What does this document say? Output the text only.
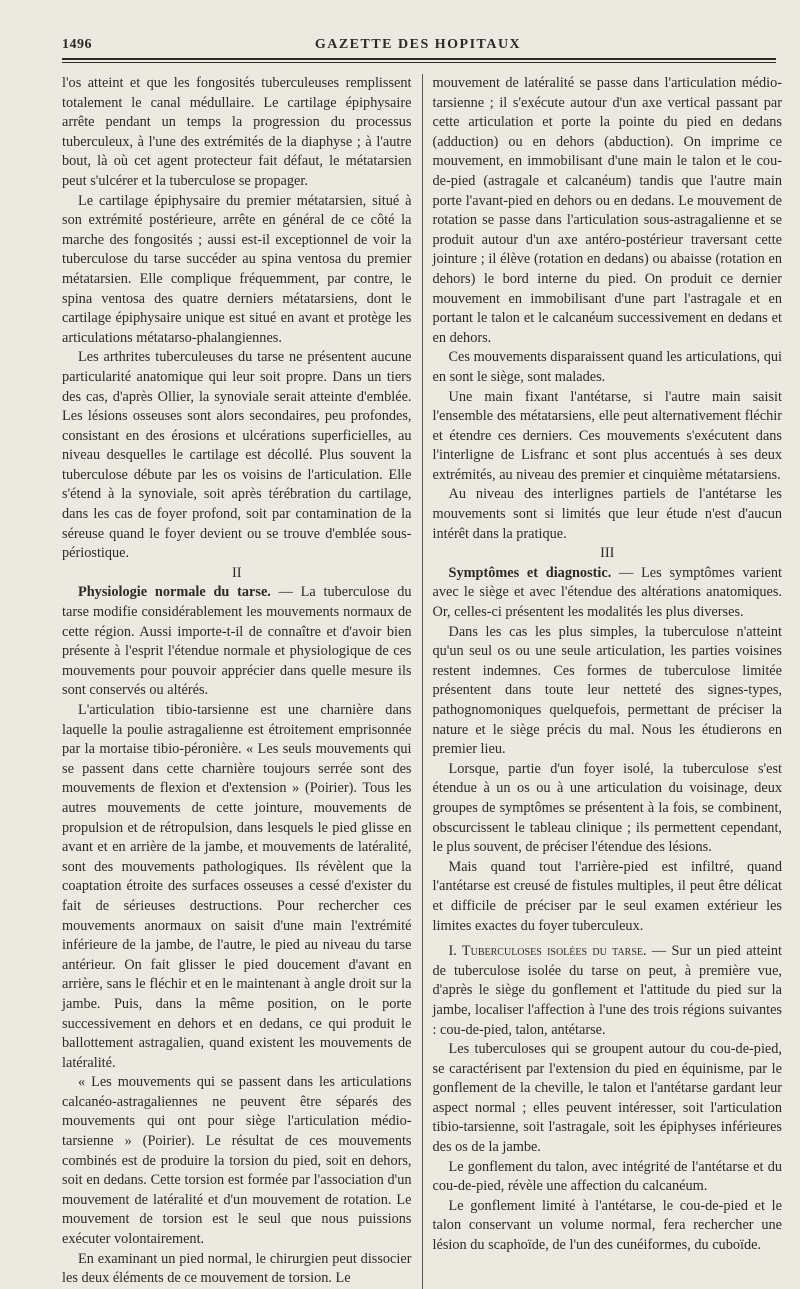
1496	GAZETTE DES HOPITAUX

l'os atteint et que les fongosités tuberculeuses remplissent totalement le canal médullaire. Le cartilage épiphysaire arrête pendant un temps la progression du processus tuberculeux, à l'une des extrémités de la diaphyse ; à l'autre bout, là où cet agent protecteur fait défaut, le métatarsien peut s'ulcérer et la tuberculose se propager.

Le cartilage épiphysaire du premier métatarsien, situé à son extrémité postérieure, arrête en général de ce côté la marche des fongosités ; aussi est-il exceptionnel de voir la tuberculose du tarse succéder au spina ventosa du premier métatarsien. Elle complique fréquemment, par contre, le spina ventosa des quatre derniers métatarsiens, dont le cartilage épiphysaire unique est situé en avant et protège les articulations métatarso-phalangiennes.

Les arthrites tuberculeuses du tarse ne présentent aucune particularité anatomique qui leur soit propre. Dans un tiers des cas, d'après Ollier, la synoviale serait atteinte d'emblée. Les lésions osseuses sont alors secondaires, peu profondes, consistant en des érosions et ulcérations superficielles, au niveau desquelles le cartilage est décollé. Plus souvent la tuberculose débute par les os voisins de l'articulation. Elle s'étend à la synoviale, soit après térébration du cartilage, dans les cas de foyer profond, soit par contamination de la séreuse quand le foyer devient ou se trouve d'emblée sous-périostique.

II

Physiologie normale du tarse. — La tuberculose du tarse modifie considérablement les mouvements normaux de cette région. Aussi importe-t-il de connaître et d'avoir bien présente à l'esprit l'étendue normale et physiologique de ces mouvements pour pouvoir apprécier dans quelle mesure ils sont conservés ou altérés.

L'articulation tibio-tarsienne est une charnière dans laquelle la poulie astragalienne est étroitement emprisonnée par la mortaise tibio-péronière. « Les seuls mouvements qui se passent dans cette charnière toujours serrée sont des mouvements de flexion et d'extension » (Poirier). Tous les autres mouvements de cette jointure, mouvements de propulsion et de rétropulsion, dans lesquels le pied glisse en avant et en arrière de la jambe, et mouvements de latéralité, sont des mouvements pathologiques. Ils révèlent que la coaptation étroite des surfaces osseuses a cessé d'exister du fait de sérieuses destructions. Pour rechercher ces mouvements anormaux on saisit d'une main l'extrémité inférieure de la jambe, de l'autre, le pied au niveau du tarse antérieur. On fait glisser le pied doucement d'avant en arrière, sans le fléchir et en le maintenant à angle droit sur la jambe. Puis, dans la même position, on le porte successivement en dehors et en dedans, ce qui produit le ballottement astragalien, quand existent les mouvements de latéralité.

« Les mouvements qui se passent dans les articulations calcanéo-astragaliennes ne peuvent être séparés des mouvements qui ont pour siège l'articulation médio-tarsienne » (Poirier). Le résultat de ces mouvements combinés est de produire la torsion du pied, soit en dehors, soit en dedans. Cette torsion est formée par l'association d'un mouvement de latéralité et d'un mouvement de rotation. Le mouvement de torsion est le seul que nous puissions exécuter volontairement.

En examinant un pied normal, le chirurgien peut dissocier les deux éléments de ce mouvement de torsion. Le

mouvement de latéralité se passe dans l'articulation médio-tarsienne ; il s'exécute autour d'un axe vertical passant par cette articulation et porte la pointe du pied en dedans (adduction) ou en dehors (abduction). On imprime ce mouvement, en immobilisant d'une main le talon et le cou-de-pied (astragale et calcanéum) tandis que l'autre main porte l'avant-pied en dehors ou en dedans. Le mouvement de rotation se passe dans l'articulation sous-astragalienne et se produit autour d'un axe antéro-postérieur traversant cette jointure ; il élève (rotation en dedans) ou abaisse (rotation en dehors) le bord interne du pied. On produit ce dernier mouvement en immobilisant d'une part l'astragale et en portant le talon et le calcanéum successivement en dedans et en dehors.

Ces mouvements disparaissent quand les articulations, qui en sont le siège, sont malades.

Une main fixant l'antétarse, si l'autre main saisit l'ensemble des métatarsiens, elle peut alternativement fléchir et étendre ces derniers. Ces mouvements s'exécutent dans l'interligne de Lisfranc et sont plus accentués à ses deux extrémités, au niveau des premier et cinquième métatarsiens.

Au niveau des interlignes partiels de l'antétarse les mouvements sont si limités que leur étude n'est d'aucun intérêt dans la pratique.

III

Symptômes et diagnostic. — Les symptômes varient avec le siège et avec l'étendue des altérations anatomiques. Or, celles-ci présentent les modalités les plus diverses.

Dans les cas les plus simples, la tuberculose n'atteint qu'un seul os ou une seule articulation, les parties voisines restent indemnes. Ces formes de tuberculose limitée présentent dans toute leur netteté des signes-types, pathognomoniques quelquefois, permettant de préciser la nature et le siège précis du mal. Nous les étudierons en premier lieu.

Lorsque, partie d'un foyer isolé, la tuberculose s'est étendue à un os ou à une articulation du voisinage, deux groupes de symptômes se présentent à la fois, se combinent, obscurcissent le tableau clinique ; ils permettent cependant, le plus souvent, de préciser l'étendue des lésions.

Mais quand tout l'arrière-pied est infiltré, quand l'antétarse est creusé de fistules multiples, il peut être délicat et difficile de préciser par le seul examen extérieur les limites exactes du foyer tuberculeux.

I. Tuberculoses isolées du tarse. — Sur un pied atteint de tuberculose isolée du tarse on peut, à première vue, d'après le siège du gonflement et l'attitude du pied sur la jambe, localiser l'affection à l'une des trois régions suivantes : cou-de-pied, talon, antétarse.

Les tuberculoses qui se groupent autour du cou-de-pied, se caractérisent par l'extension du pied en équinisme, par le gonflement de la cheville, le talon et l'antétarse gardant leur aspect normal ; elles peuvent intéresser, soit l'articulation tibio-tarsienne, soit l'astragale, soit les épiphyses inférieures des os de la jambe.

Le gonflement du talon, avec intégrité de l'antétarse et du cou-de-pied, révèle une affection du calcanéum.

Le gonflement limité à l'antétarse, le cou-de-pied et le talon conservant un volume normal, fera rechercher une lésion du scaphoïde, de l'un des cunéiformes, du cuboïde.
